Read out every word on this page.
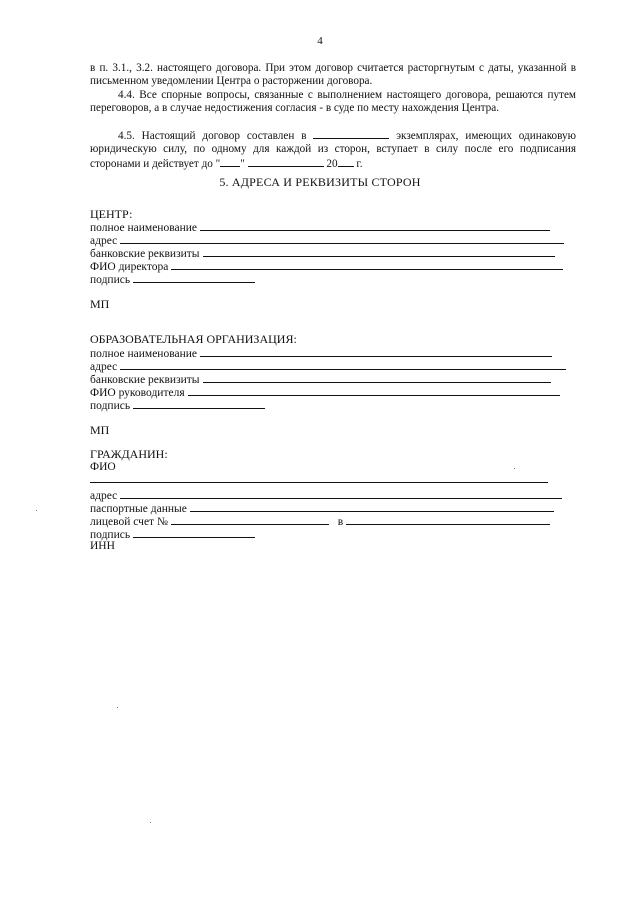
4

в п. 3.1., 3.2. настоящего договора. При этом договор считается расторгнутым с даты, указанной в письменном уведомлении Центра о расторжении договора.

4.4. Все спорные вопросы, связанные с выполнением настоящего договора, решаются путем переговоров, а в случае недостижения согласия - в суде по месту нахождения Центра.

4.5. Настоящий договор составлен в	экземплярах, имеющих одинаковую юридическую силу, по одному для каждой из сторон, вступает в силу после его подписания сторонами и действует до " "	20 г.

5. АДРЕСА И РЕКВИЗИТЫ СТОРОН
ЦЕНТР:
полное наименование
адрес
банковские реквизиты
ФИО директора
подпись
МП
ОБРАЗОВАТЕЛЬНАЯ ОРГАНИЗАЦИЯ:
полное наименование
адрес
банковские реквизиты
ФИО руководителя
подпись
МП
ГРАЖДАНИН:
ФИО
адрес
паспортные данные
лицевой счет №	в
подпись
ИНН
